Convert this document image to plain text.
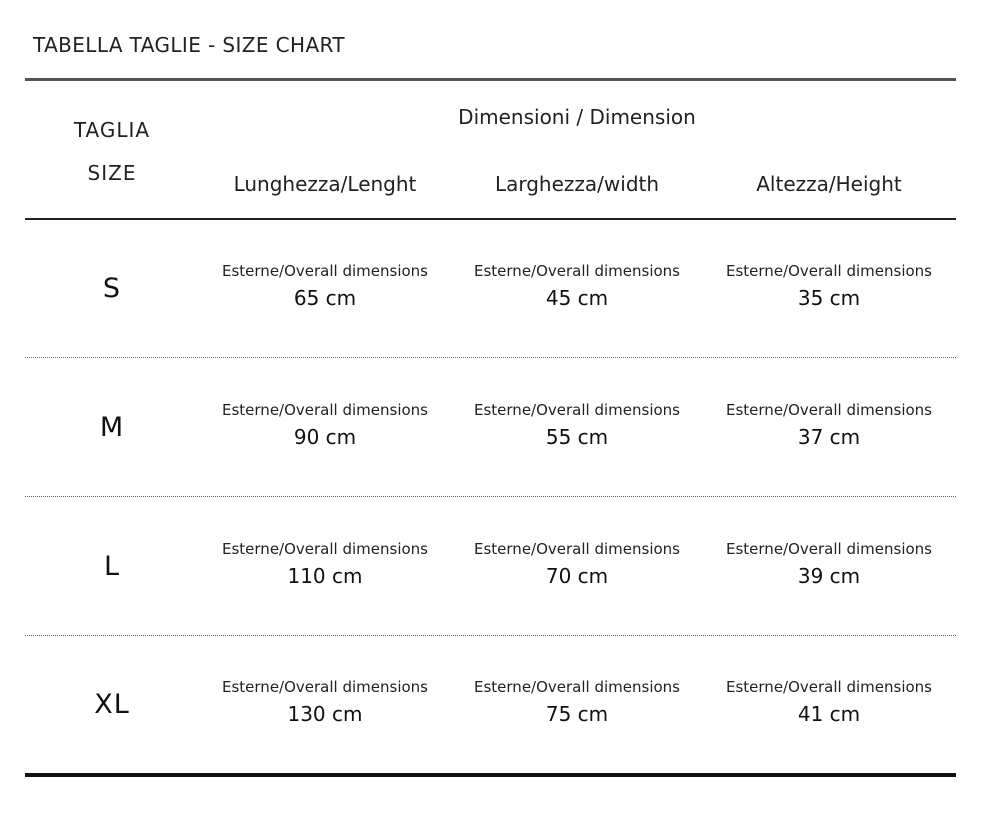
TABELLA TAGLIE - SIZE CHART
TAGLIA
SIZE
Dimensioni / Dimension
Lunghezza/Lenght	Larghezza/width	Altezza/Height
S
Esterne/Overall dimensions
65 cm
Esterne/Overall dimensions
45 cm
Esterne/Overall dimensions
35 cm
M
Esterne/Overall dimensions
90 cm
Esterne/Overall dimensions
55 cm
Esterne/Overall dimensions
37 cm
L
Esterne/Overall dimensions
110 cm
Esterne/Overall dimensions
70 cm
Esterne/Overall dimensions
39 cm
XL
Esterne/Overall dimensions
130 cm
Esterne/Overall dimensions
75 cm
Esterne/Overall dimensions
41 cm
